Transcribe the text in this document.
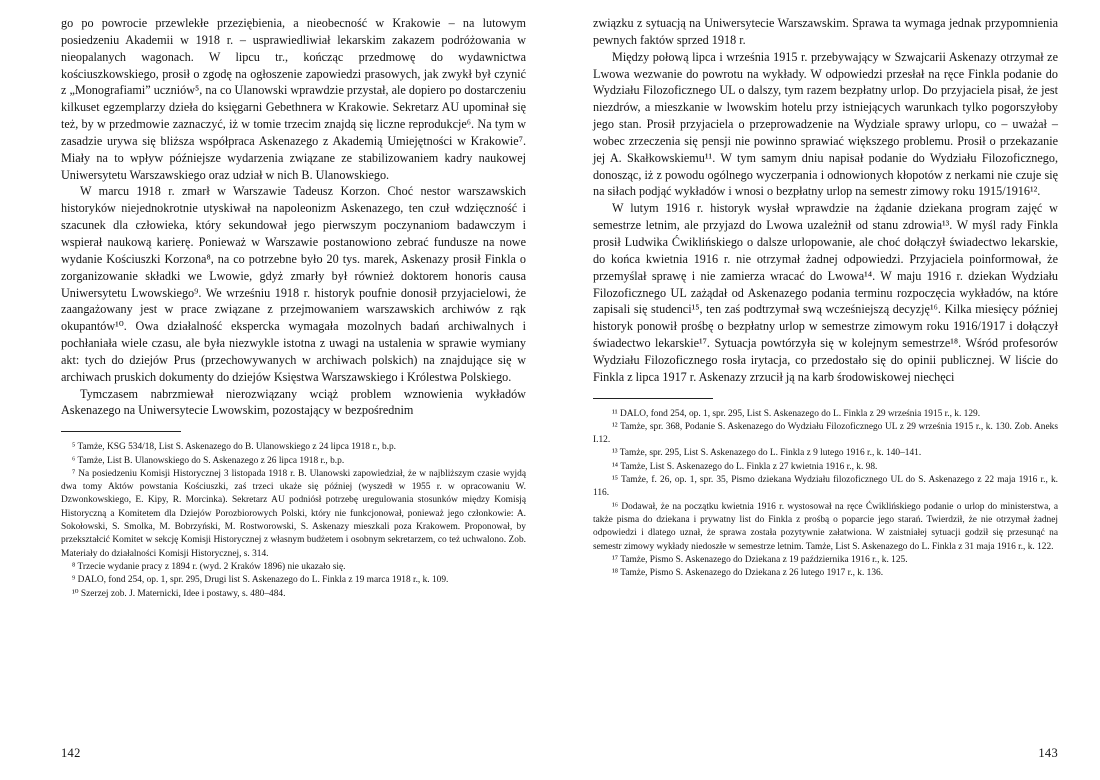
go po powrocie przewlekłe przeziębienia, a nieobecność w Krakowie – na lutowym posiedzeniu Akademii w 1918 r. – usprawiedliwiał lekarskim zakazem podróżowania w nieopalanych wagonach. W lipcu tr., kończąc przedmowę do wydawnictwa kościuszkowskiego, prosił o zgodę na ogłoszenie zapowiedzi prasowych, jak zwykł był czynić z „Monografiami” uczniów⁵, na co Ulanowski wprawdzie przystał, ale dopiero po dostarczeniu kilkuset egzemplarzy dzieła do księgarni Gebethnera w Krakowie. Sekretarz AU upominał się też, by w przedmowie zaznaczyć, iż w tomie trzecim znajdą się liczne reprodukcje⁶. Na tym w zasadzie urywa się bliższa współpraca Askenazego z Akademią Umiejętności w Krakowie⁷. Miały na to wpływ późniejsze wydarzenia związane ze stabilizowaniem kadry naukowej Uniwersytetu Warszawskiego oraz udział w nich B. Ulanowskiego.

W marcu 1918 r. zmarł w Warszawie Tadeusz Korzon. Choć nestor warszawskich historyków niejednokrotnie utyskiwał na napoleonizm Askenazego, ten czuł wdzięczność i szacunek dla człowieka, który sekundował jego pierwszym poczynaniom badawczym i wspierał naukową karierę. Ponieważ w Warszawie postanowiono zebrać fundusze na nowe wydanie Kościuszki Korzona⁸, na co potrzebne było 20 tys. marek, Askenazy prosił Finkla o zorganizowanie składki we Lwowie, gdyż zmarły był również doktorem honoris causa Uniwersytetu Lwowskiego⁹. We wrześniu 1918 r. historyk poufnie donosił przyjacielowi, że zaangażowany jest w prace związane z przejmowaniem warszawskich archiwów z rąk okupantów¹⁰. Owa działalność ekspercka wymagała mozolnych badań archiwalnych i pochłaniała wiele czasu, ale była niezwykle istotna z uwagi na ustalenia w sprawie wymiany akt: tych do dziejów Prus (przechowywanych w archiwach polskich) na znajdujące się w archiwach pruskich dokumenty do dziejów Księstwa Warszawskiego i Królestwa Polskiego.

Tymczasem nabrzmiewał nierozwiązany wciąż problem wznowienia wykładów Askenazego na Uniwersytecie Lwowskim, pozostający w bezpośrednim

⁵ Tamże, KSG 534/18, List S. Askenazego do B. Ulanowskiego z 24 lipca 1918 r., b.p.

⁶ Tamże, List B. Ulanowskiego do S. Askenazego z 26 lipca 1918 r., b.p.

⁷ Na posiedzeniu Komisji Historycznej 3 listopada 1918 r. B. Ulanowski zapowiedział, że w najbliższym czasie wyjdą dwa tomy Aktów powstania Kościuszki, zaś trzeci ukaże się później (wyszedł w 1955 r. w opracowaniu W. Dzwonkowskiego, E. Kipy, R. Morcinka). Sekretarz AU podniósł potrzebę uregulowania stosunków między Komisją Historyczną a Komitetem dla Dziejów Porozbiorowych Polski, który nie funkcjonował, ponieważ jego członkowie: A. Sokołowski, S. Smolka, M. Bobrzyński, M. Rostworowski, S. Askenazy mieszkali poza Krakowem. Proponował, by przekształcić Komitet w sekcję Komisji Historycznej z własnym budżetem i osobnym sekretarzem, co też uchwalono. Zob. Materiały do działalności Komisji Historycznej, s. 314.

⁸ Trzecie wydanie pracy z 1894 r. (wyd. 2 Kraków 1896) nie ukazało się.

⁹ DALO, fond 254, op. 1, spr. 295, Drugi list S. Askenazego do L. Finkla z 19 marca 1918 r., k. 109.

¹⁰ Szerzej zob. J. Maternicki, Idee i postawy, s. 480–484.

142

związku z sytuacją na Uniwersytecie Warszawskim. Sprawa ta wymaga jednak przypomnienia pewnych faktów sprzed 1918 r.

Między połową lipca i września 1915 r. przebywający w Szwajcarii Askenazy otrzymał ze Lwowa wezwanie do powrotu na wykłady. W odpowiedzi przesłał na ręce Finkla podanie do Wydziału Filozoficznego UL o dalszy, tym razem bezpłatny urlop. Do przyjaciela pisał, że jest niezdrów, a mieszkanie w lwowskim hotelu przy istniejących warunkach tylko pogorszyłoby jego stan. Prosił przyjaciela o przeprowadzenie na Wydziale sprawy urlopu, co – uważał – wobec zrzeczenia się pensji nie powinno sprawiać większego problemu. Prosił o przekazanie jej A. Skałkowskiemu¹¹. W tym samym dniu napisał podanie do Wydziału Filozoficznego, donosząc, iż z powodu ogólnego wyczerpania i odnowionych kłopotów z nerkami nie czuje się na siłach podjąć wykładów i wnosi o bezpłatny urlop na semestr zimowy roku 1915/1916¹².

W lutym 1916 r. historyk wysłał wprawdzie na żądanie dziekana program zajęć w semestrze letnim, ale przyjazd do Lwowa uzależnił od stanu zdrowia¹³. W myśl rady Finkla prosił Ludwika Ćwiklińskiego o dalsze urlopowanie, ale choć dołączył świadectwo lekarskie, do końca kwietnia 1916 r. nie otrzymał żadnej odpowiedzi. Przyjaciela poinformował, że przemyślał sprawę i nie zamierza wracać do Lwowa¹⁴. W maju 1916 r. dziekan Wydziału Filozoficznego UL zażądał od Askenazego podania terminu rozpoczęcia wykładów, na które zapisali się studenci¹⁵, ten zaś podtrzymał swą wcześniejszą decyzję¹⁶. Kilka miesięcy później historyk ponowił prośbę o bezpłatny urlop w semestrze zimowym roku 1916/1917 i dołączył świadectwo lekarskie¹⁷. Sytuacja powtórzyła się w kolejnym semestrze¹⁸. Wśród profesorów Wydziału Filozoficznego rosła irytacja, co przedostało się do opinii publicznej. W liście do Finkla z lipca 1917 r. Askenazy zrzucił ją na karb środowiskowej niechęci

¹¹ DALO, fond 254, op. 1, spr. 295, List S. Askenazego do L. Finkla z 29 września 1915 r., k. 129.

¹² Tamże, spr. 368, Podanie S. Askenazego do Wydziału Filozoficznego UL z 29 września 1915 r., k. 130. Zob. Aneks I.12.

¹³ Tamże, spr. 295, List S. Askenazego do L. Finkla z 9 lutego 1916 r., k. 140–141.

¹⁴ Tamże, List S. Askenazego do L. Finkla z 27 kwietnia 1916 r., k. 98.

¹⁵ Tamże, f. 26, op. 1, spr. 35, Pismo dziekana Wydziału filozoficznego UL do S. Askenazego z 22 maja 1916 r., k. 116.

¹⁶ Dodawał, że na początku kwietnia 1916 r. wystosował na ręce Ćwiklińskiego podanie o urlop do ministerstwa, a także pisma do dziekana i prywatny list do Finkla z prośbą o poparcie jego starań. Twierdził, że nie otrzymał żadnej odpowiedzi i dlatego uznał, że sprawa została pozytywnie załatwiona. W zaistniałej sytuacji godził się przesunąć na semestr zimowy wykłady niedoszłe w semestrze letnim. Tamże, List S. Askenazego do L. Finkla z 31 maja 1916 r., k. 122.

¹⁷ Tamże, Pismo S. Askenazego do Dziekana z 19 października 1916 r., k. 125.

¹⁸ Tamże, Pismo S. Askenazego do Dziekana z 26 lutego 1917 r., k. 136.

143
